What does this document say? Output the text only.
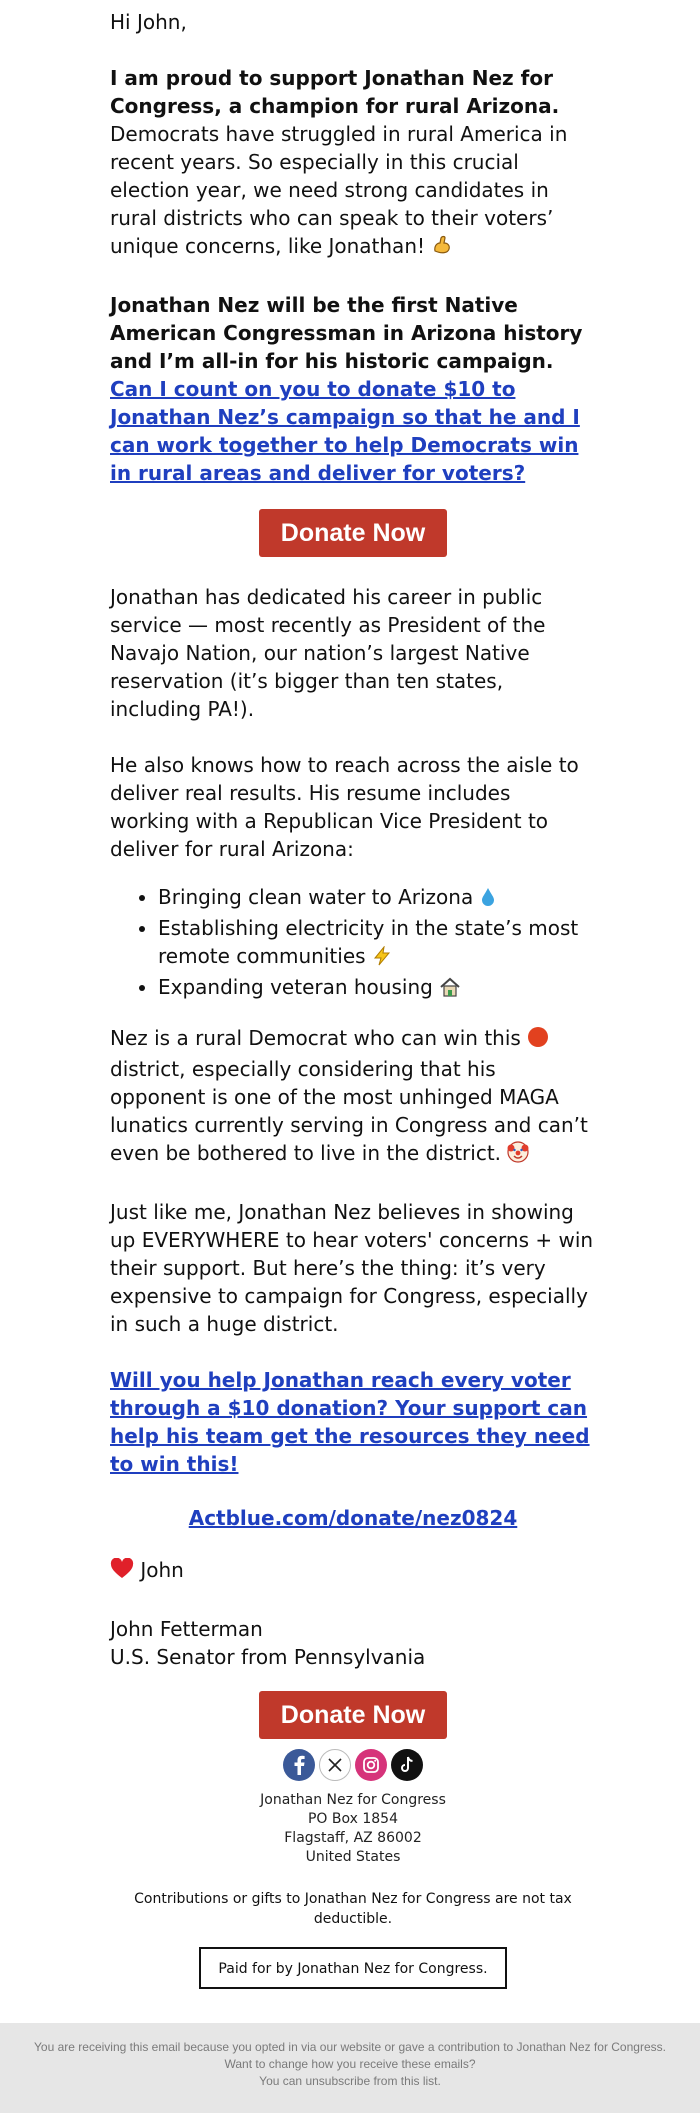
Hi John,

I am proud to support Jonathan Nez for Congress, a champion for rural Arizona. Democrats have struggled in rural America in recent years. So especially in this crucial election year, we need strong candidates in rural districts who can speak to their voters’ unique concerns, like Jonathan!

Jonathan Nez will be the first Native American Congressman in Arizona history and I’m all-in for his historic campaign. Can I count on you to donate $10 to Jonathan Nez’s campaign so that he and I can work together to help Democrats win in rural areas and deliver for voters?

Donate Now

Jonathan has dedicated his career in public service — most recently as President of the Navajo Nation, our nation’s largest Native reservation (it’s bigger than ten states, including PA!).

He also knows how to reach across the aisle to deliver real results. His resume includes working with a Republican Vice President to deliver for rural Arizona:

• Bringing clean water to Arizona
• Establishing electricity in the state’s most remote communities
• Expanding veteran housing

Nez is a rural Democrat who can win this  district, especially considering that his opponent is one of the most unhinged MAGA lunatics currently serving in Congress and can’t even be bothered to live in the district.

Just like me, Jonathan Nez believes in showing up EVERYWHERE to hear voters' concerns + win their support. But here’s the thing: it’s very expensive to campaign for Congress, especially in such a huge district.

Will you help Jonathan reach every voter through a $10 donation? Your support can help his team get the resources they need to win this!

Actblue.com/donate/nez0824

John

John Fetterman

U.S. Senator from Pennsylvania

Donate Now
Jonathan Nez for Congress
PO Box 1854
Flagstaff, AZ 86002
United States
Contributions or gifts to Jonathan Nez for Congress are not tax deductible.
Paid for by Jonathan Nez for Congress.
You are receiving this email because you opted in via our website or gave a contribution to Jonathan Nez for Congress. Want to change how you receive these emails?
You can unsubscribe from this list.
